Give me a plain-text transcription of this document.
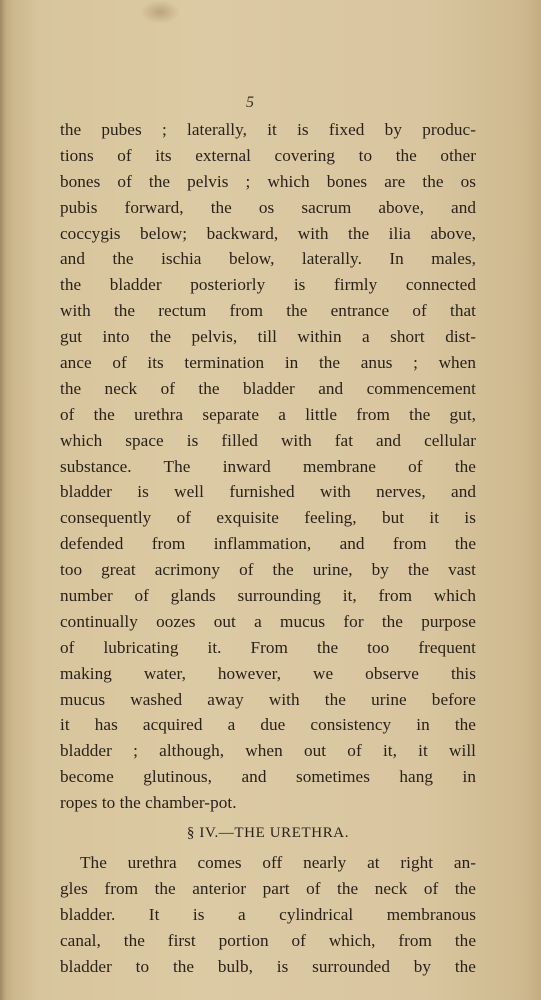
5
the pubes ; laterally, it is fixed by produc-
tions of its external covering to the other
bones of the pelvis ; which bones are the os
pubis forward, the os sacrum above, and
coccygis below; backward, with the ilia above,
and the ischia below, laterally. In males,
the bladder posteriorly is firmly connected
with the rectum from the entrance of that
gut into the pelvis, till within a short dist-
ance of its termination in the anus ; when
the neck of the bladder and commencement
of the urethra separate a little from the gut,
which space is filled with fat and cellular
substance. The inward membrane of the
bladder is well furnished with nerves, and
consequently of exquisite feeling, but it is
defended from inflammation, and from the
too great acrimony of the urine, by the vast
number of glands surrounding it, from which
continually oozes out a mucus for the purpose
of lubricating it. From the too frequent
making water, however, we observe this
mucus washed away with the urine before
it has acquired a due consistency in the
bladder ; although, when out of it, it will
become glutinous, and sometimes hang in
ropes to the chamber-pot.
§ IV.—THE URETHRA.
The urethra comes off nearly at right an-
gles from the anterior part of the neck of the
bladder. It is a cylindrical membranous
canal, the first portion of which, from the
bladder to the bulb, is surrounded by the
